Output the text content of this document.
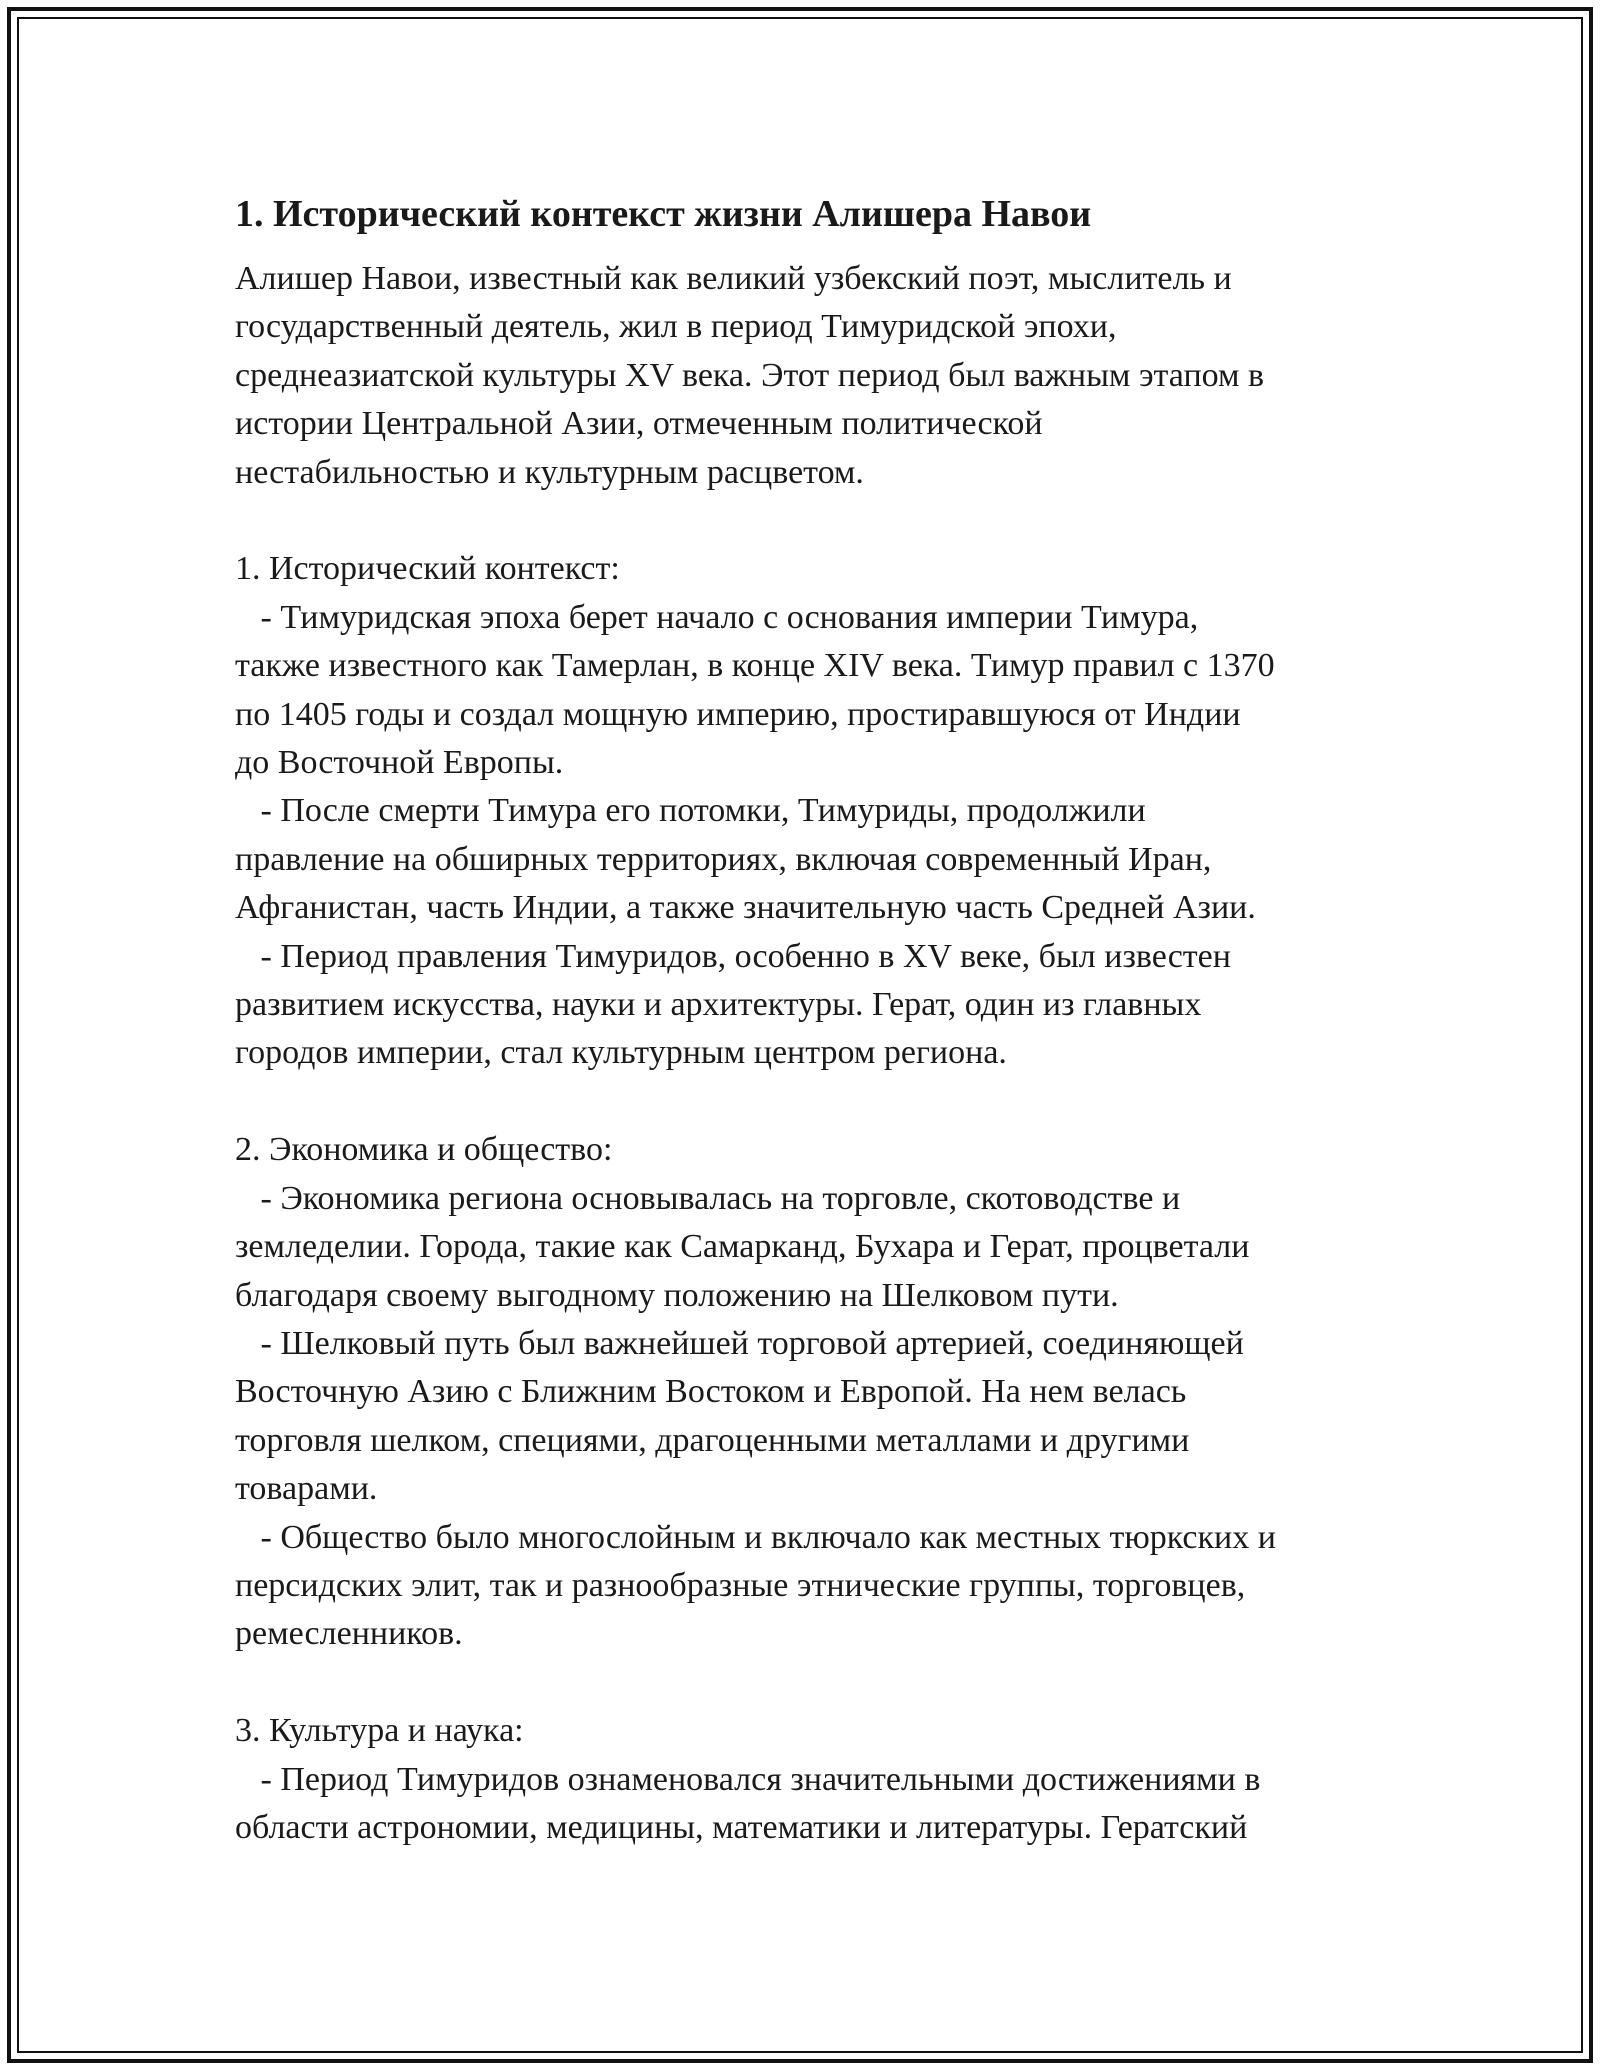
1. Исторический контекст жизни Алишера Навои
Алишер Навои, известный как великий узбекский поэт, мыслитель и
государственный деятель, жил в период Тимуридской эпохи,
среднеазиатской культуры XV века. Этот период был важным этапом в
истории Центральной Азии, отмеченным политической
нестабильностью и культурным расцветом.
1. Исторический контекст:
- Тимуридская эпоха берет начало с основания империи Тимура,
также известного как Тамерлан, в конце XIV века. Тимур правил с 1370
по 1405 годы и создал мощную империю, простиравшуюся от Индии
до Восточной Европы.
- После смерти Тимура его потомки, Тимуриды, продолжили
правление на обширных территориях, включая современный Иран,
Афганистан, часть Индии, а также значительную часть Средней Азии.
- Период правления Тимуридов, особенно в XV веке, был известен
развитием искусства, науки и архитектуры. Герат, один из главных
городов империи, стал культурным центром региона.
2. Экономика и общество:
- Экономика региона основывалась на торговле, скотоводстве и
земледелии. Города, такие как Самарканд, Бухара и Герат, процветали
благодаря своему выгодному положению на Шелковом пути.
- Шелковый путь был важнейшей торговой артерией, соединяющей
Восточную Азию с Ближним Востоком и Европой. На нем велась
торговля шелком, специями, драгоценными металлами и другими
товарами.
- Общество было многослойным и включало как местных тюркских и
персидских элит, так и разнообразные этнические группы, торговцев,
ремесленников.
3. Культура и наука:
- Период Тимуридов ознаменовался значительными достижениями в
области астрономии, медицины, математики и литературы. Гератский
